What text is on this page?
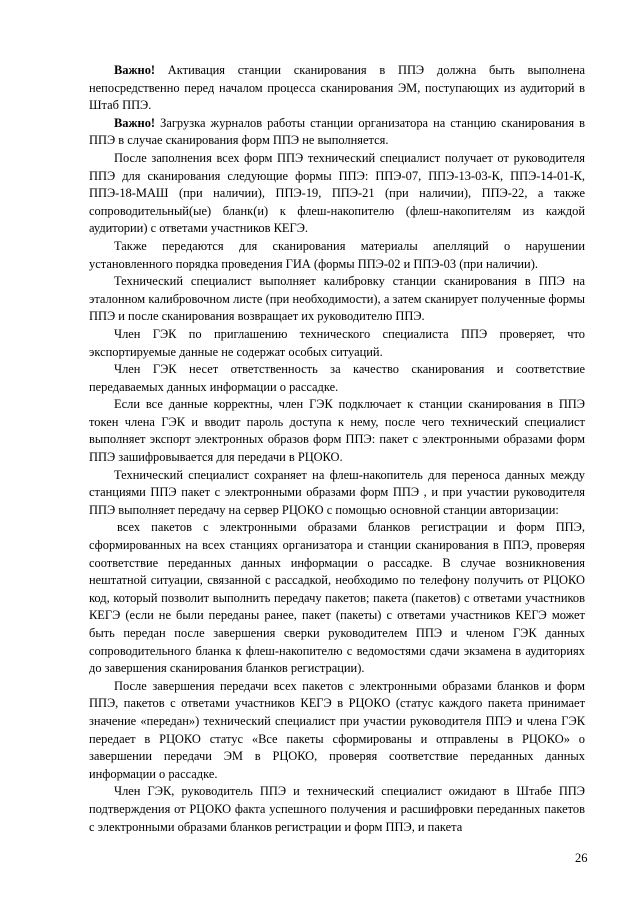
Важно! Активация станции сканирования в ППЭ должна быть выполнена непосредственно перед началом процесса сканирования ЭМ, поступающих из аудиторий в Штаб ППЭ.

Важно! Загрузка журналов работы станции организатора на станцию сканирования в ППЭ в случае сканирования форм ППЭ не выполняется.

После заполнения всех форм ППЭ технический специалист получает от руководителя ППЭ для сканирования следующие формы ППЭ: ППЭ-07, ППЭ-13-03-К, ППЭ-14-01-К, ППЭ-18-МАШ (при наличии), ППЭ-19, ППЭ-21 (при наличии), ППЭ-22, а также сопроводительный(ые) бланк(и) к флеш-накопителю (флеш-накопителям из каждой аудитории) с ответами участников КЕГЭ.

Также передаются для сканирования материалы апелляций о нарушении установленного порядка проведения ГИА (формы ППЭ-02 и ППЭ-03 (при наличии).

Технический специалист выполняет калибровку станции сканирования в ППЭ на эталонном калибровочном листе (при необходимости), а затем сканирует полученные формы ППЭ и после сканирования возвращает их руководителю ППЭ.

Член ГЭК по приглашению технического специалиста ППЭ проверяет, что экспортируемые данные не содержат особых ситуаций.

Член ГЭК несет ответственность за качество сканирования и соответствие передаваемых данных информации о рассадке.

Если все данные корректны, член ГЭК подключает к станции сканирования в ППЭ токен члена ГЭК и вводит пароль доступа к нему, после чего технический специалист выполняет экспорт электронных образов форм ППЭ: пакет с электронными образами форм ППЭ зашифровывается для передачи в РЦОКО.

Технический специалист сохраняет на флеш-накопитель для переноса данных между станциями ППЭ пакет с электронными образами форм ППЭ , и при участии руководителя ППЭ выполняет передачу на сервер РЦОКО с помощью основной станции авторизации:

всех пакетов с электронными образами бланков регистрации и форм ППЭ, сформированных на всех станциях организатора и станции сканирования в ППЭ, проверяя соответствие переданных данных информации о рассадке. В случае возникновения нештатной ситуации, связанной с рассадкой, необходимо по телефону получить от РЦОКО код, который позволит выполнить передачу пакетов; пакета (пакетов) с ответами участников КЕГЭ (если не были переданы ранее, пакет (пакеты) с ответами участников КЕГЭ может быть передан после завершения сверки руководителем ППЭ и членом ГЭК данных сопроводительного бланка к флеш-накопителю с ведомостями сдачи экзамена в аудиториях до завершения сканирования бланков регистрации).

После завершения передачи всех пакетов с электронными образами бланков и форм ППЭ, пакетов с ответами участников КЕГЭ в РЦОКО (статус каждого пакета принимает значение «передан») технический специалист при участии руководителя ППЭ и члена ГЭК передает в РЦОКО статус «Все пакеты сформированы и отправлены в РЦОКО» о завершении передачи ЭМ в РЦОКО, проверяя соответствие переданных данных информации о рассадке.

Член ГЭК, руководитель ППЭ и технический специалист ожидают в Штабе ППЭ подтверждения от РЦОКО факта успешного получения и расшифровки переданных пакетов с электронными образами бланков регистрации и форм ППЭ, и пакета

26
